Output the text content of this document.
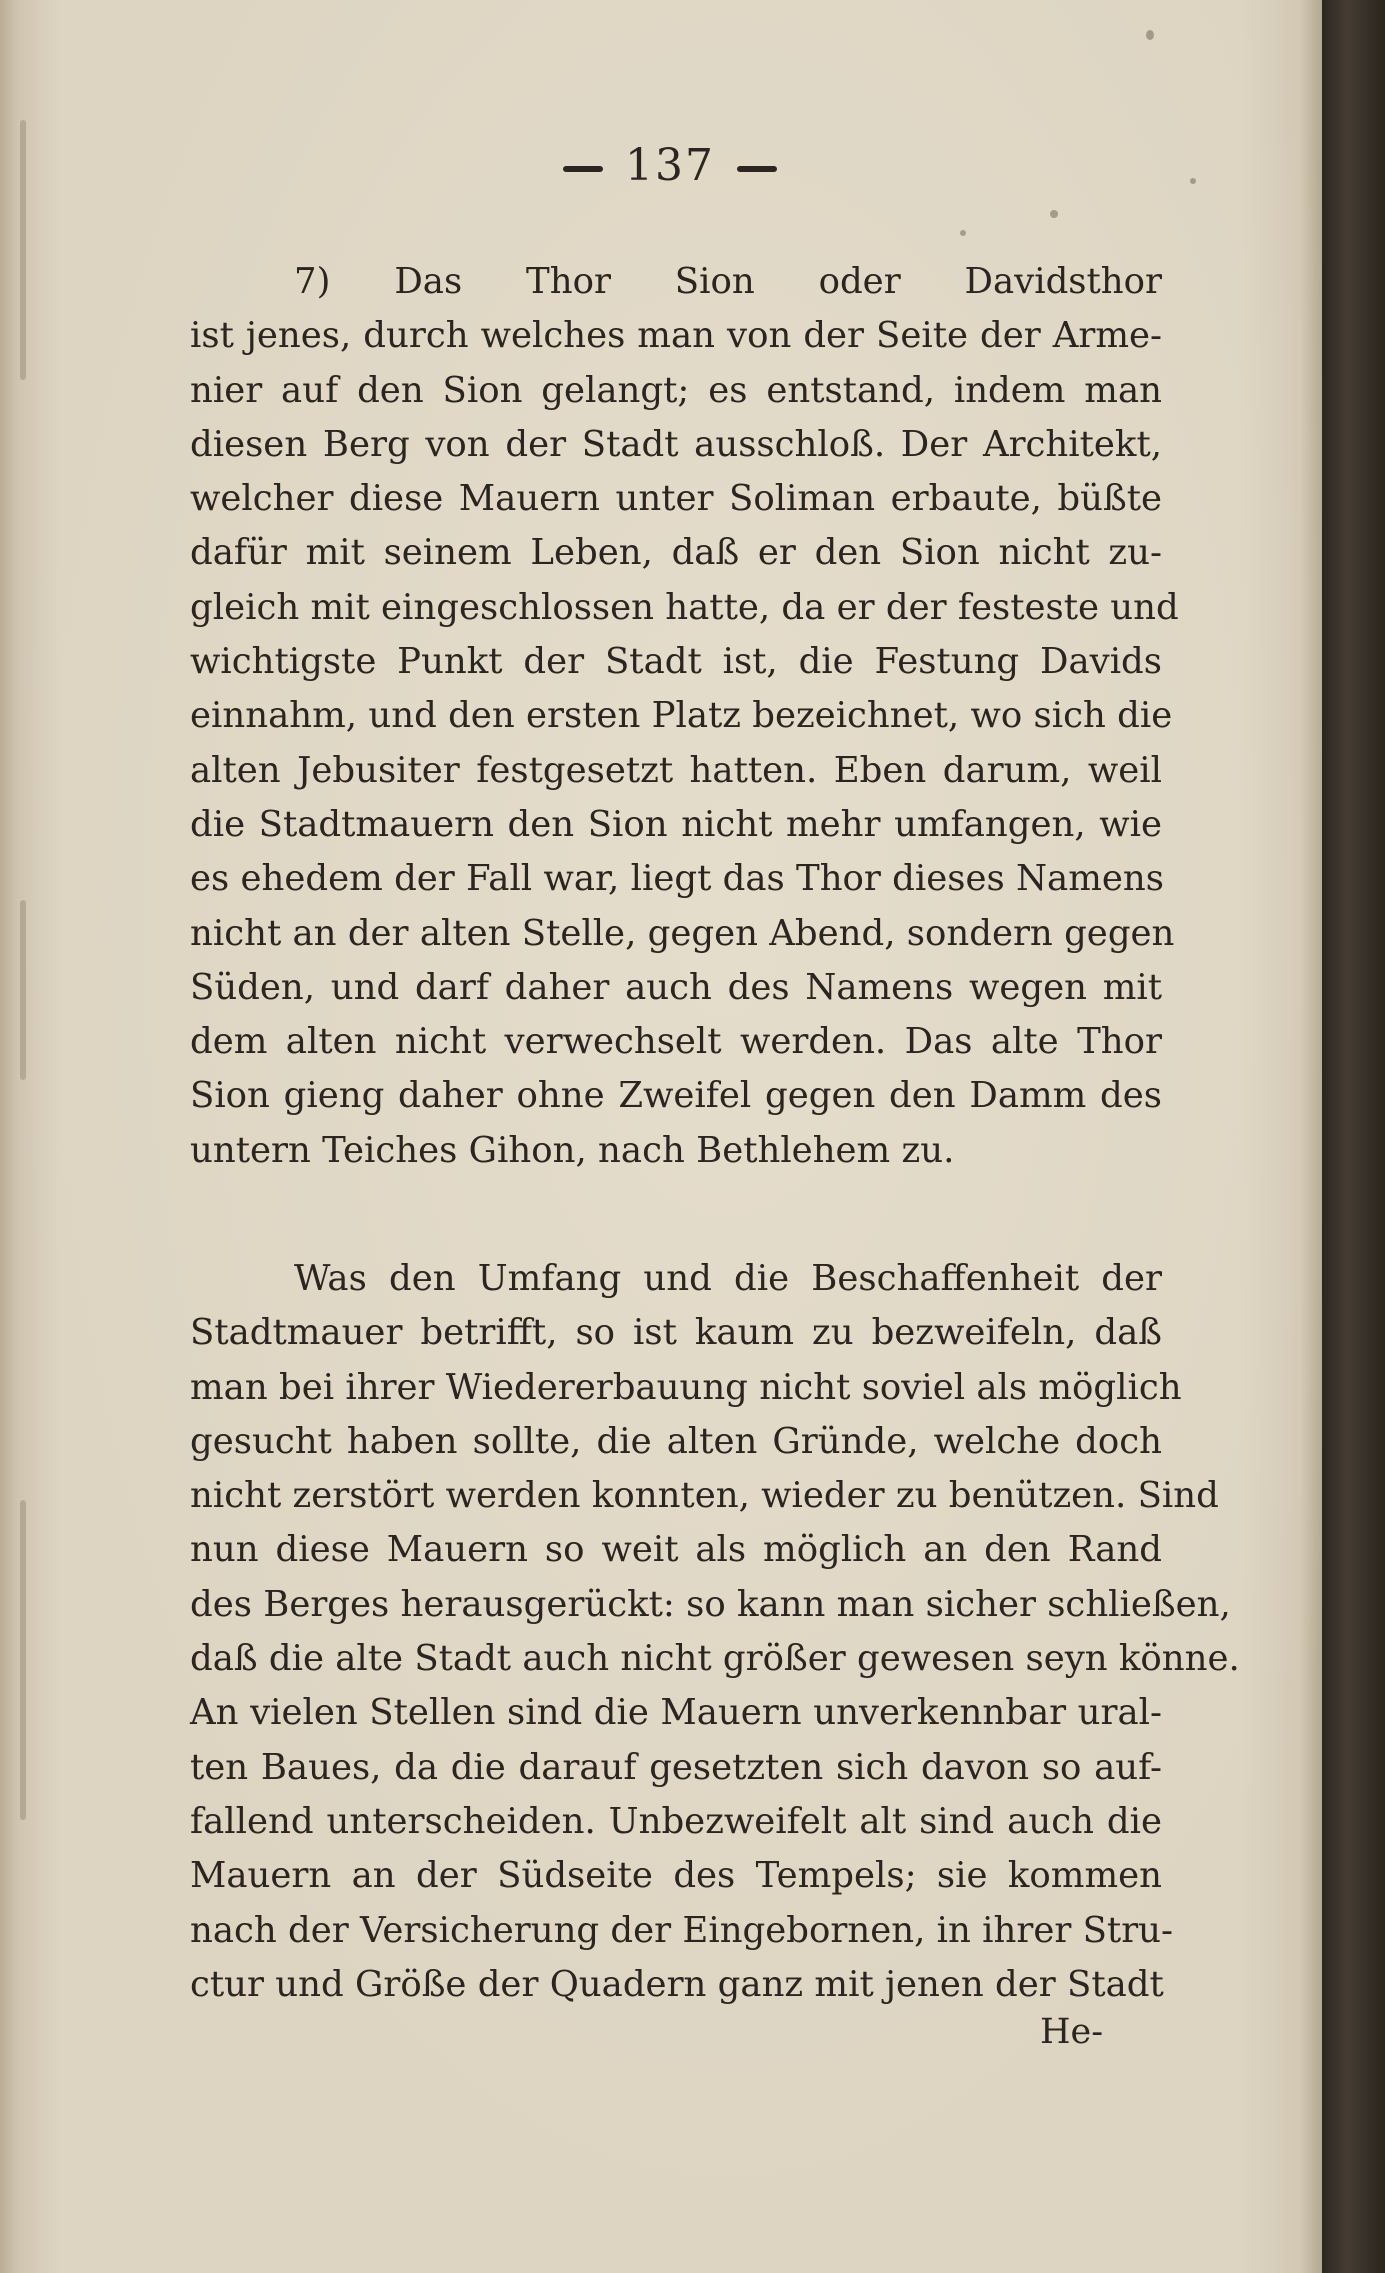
137
7) Das Thor Sion oder Davidsthor
ist jenes, durch welches man von der Seite der Arme-
nier auf den Sion gelangt; es entstand, indem man
diesen Berg von der Stadt ausschloß. Der Architekt,
welcher diese Mauern unter Soliman erbaute, büßte
dafür mit seinem Leben, daß er den Sion nicht zu-
gleich mit eingeschlossen hatte, da er der festeste und
wichtigste Punkt der Stadt ist, die Festung Davids
einnahm, und den ersten Platz bezeichnet, wo sich die
alten Jebusiter festgesetzt hatten. Eben darum, weil
die Stadtmauern den Sion nicht mehr umfangen, wie
es ehedem der Fall war, liegt das Thor dieses Namens
nicht an der alten Stelle, gegen Abend, sondern gegen
Süden, und darf daher auch des Namens wegen mit
dem alten nicht verwechselt werden. Das alte Thor
Sion gieng daher ohne Zweifel gegen den Damm des
untern Teiches Gihon, nach Bethlehem zu.
Was den Umfang und die Beschaffenheit der
Stadtmauer betrifft, so ist kaum zu bezweifeln, daß
man bei ihrer Wiedererbauung nicht soviel als möglich
gesucht haben sollte, die alten Gründe, welche doch
nicht zerstört werden konnten, wieder zu benützen. Sind
nun diese Mauern so weit als möglich an den Rand
des Berges herausgerückt: so kann man sicher schließen,
daß die alte Stadt auch nicht größer gewesen seyn könne.
An vielen Stellen sind die Mauern unverkennbar ural-
ten Baues, da die darauf gesetzten sich davon so auf-
fallend unterscheiden. Unbezweifelt alt sind auch die
Mauern an der Südseite des Tempels; sie kommen
nach der Versicherung der Eingebornen, in ihrer Stru-
ctur und Größe der Quadern ganz mit jenen der Stadt
He-
